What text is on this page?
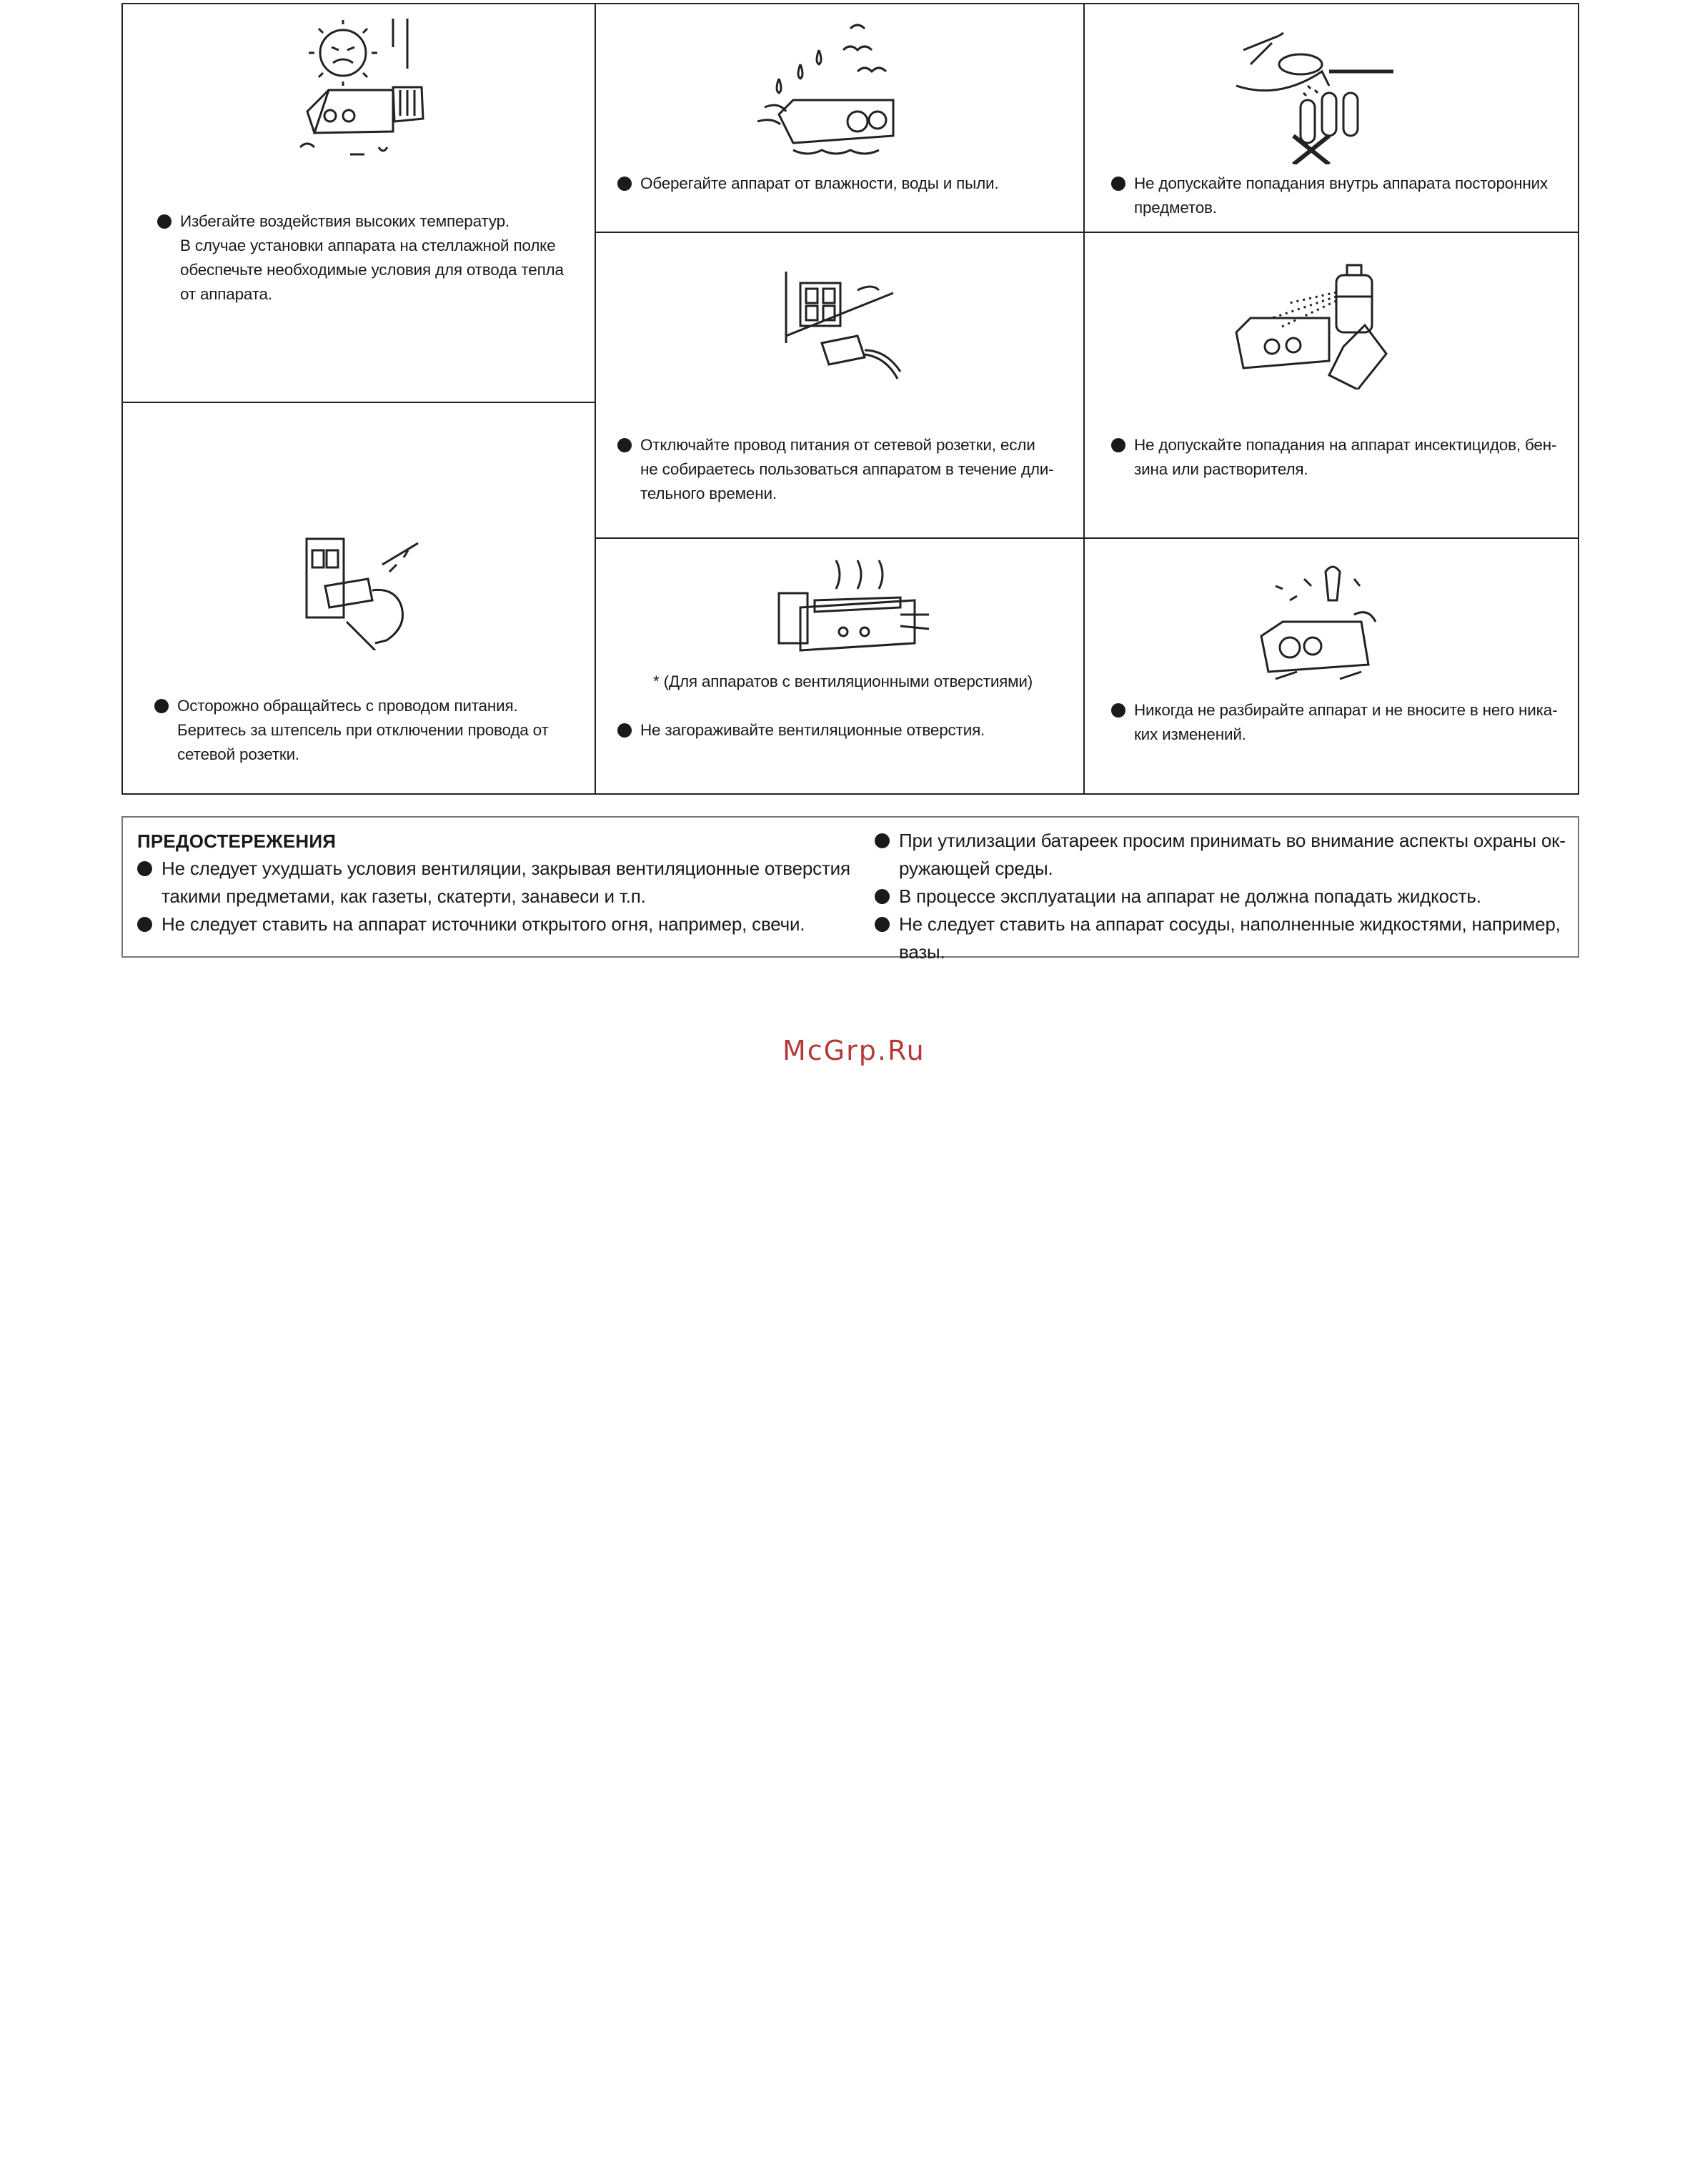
Избегайте воздействия высоких температур.

В случае установки аппарата на стеллажной полке

обеспечьте необходимые условия для отвода тепла

от аппарата.

Оберегайте аппарат от влажности, воды и пыли.	Не допускайте попадания внутрь аппарата посторонних

предметов.

Отключайте провод питания от сетевой розетки, если

не собираетесь пользоваться аппаратом в течение дли-

тельного времени.

Не допускайте попадания на аппарат инсектицидов, бен-

зина или растворителя.

Осторожно обращайтесь с проводом питания.

Беритесь за штепсель при отключении провода от

сетевой розетки.

* (Для аппаратов с вентиляционными отверстиями)

Не загораживайте вентиляционные отверстия.

Никогда не разбирайте аппарат и не вносите в него ника-

ких изменений.

ПРЕДОСТЕРЕЖЕНИЯ

Не следует ухудшать условия вентиляции, закрывая вентиляционные отверстия

такими предметами, как газеты, скатерти, занавеси и т.п.

Не следует ставить на аппарат источники открытого огня, например, свечи.

При утилизации батареек просим принимать во внимание аспекты охраны ок-

ружающей среды.

В процессе эксплуатации на аппарат не должна попадать жидкость.

Не следует ставить на аппарат сосуды, наполненные жидкостями, например, вазы.

McGrp.Ru
